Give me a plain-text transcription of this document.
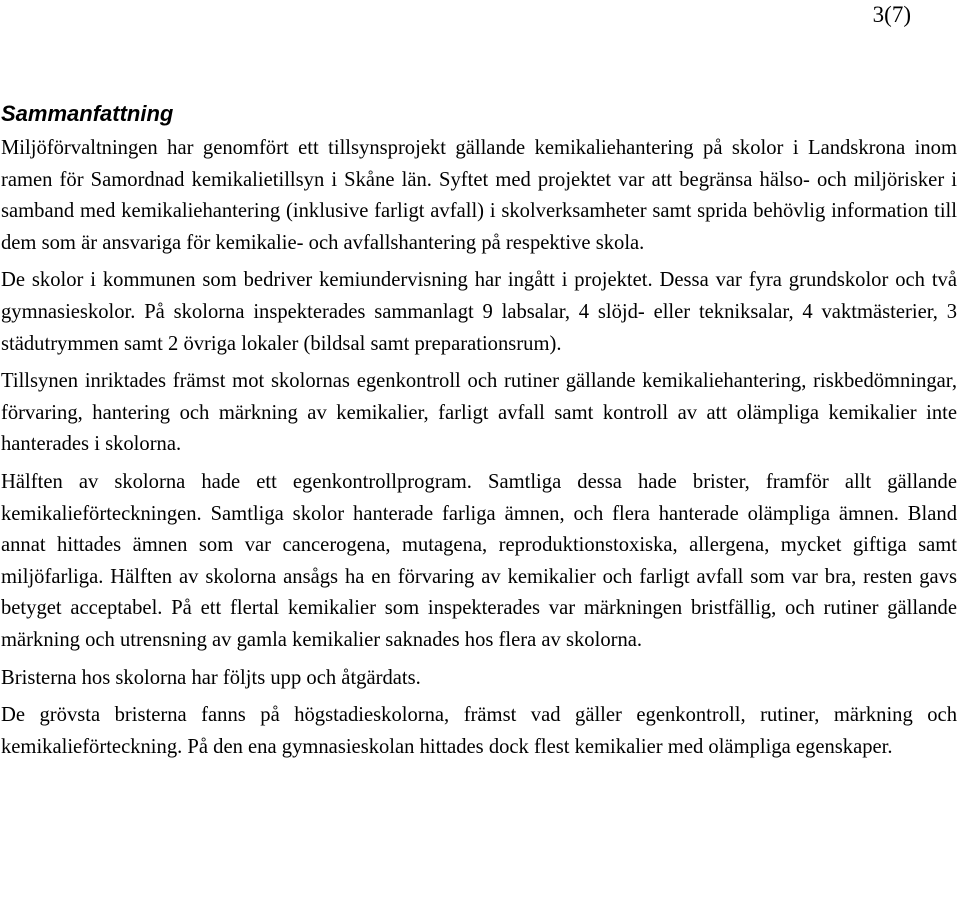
3(7)
Sammanfattning

Miljöförvaltningen har genomfört ett tillsynsprojekt gällande kemikaliehantering på skolor i Landskrona inom ramen för Samordnad kemikalietillsyn i Skåne län. Syftet med projektet var att begränsa hälso- och miljörisker i samband med kemikaliehantering (inklusive farligt avfall) i skolverksamheter samt sprida behövlig information till dem som är ansvariga för kemikalie- och avfallshantering på respektive skola.

De skolor i kommunen som bedriver kemiundervisning har ingått i projektet. Dessa var fyra grundskolor och två gymnasieskolor. På skolorna inspekterades sammanlagt 9 labsalar, 4 slöjd- eller tekniksalar, 4 vaktmästerier, 3 städutrymmen samt 2 övriga lokaler (bildsal samt preparationsrum).

Tillsynen inriktades främst mot skolornas egenkontroll och rutiner gällande kemikaliehantering, riskbedömningar, förvaring, hantering och märkning av kemikalier, farligt avfall samt kontroll av att olämpliga kemikalier inte hanterades i skolorna.

Hälften av skolorna hade ett egenkontrollprogram. Samtliga dessa hade brister, framför allt gällande kemikalieförteckningen. Samtliga skolor hanterade farliga ämnen, och flera hanterade olämpliga ämnen. Bland annat hittades ämnen som var cancerogena, mutagena, reproduktionstoxiska, allergena, mycket giftiga samt miljöfarliga. Hälften av skolorna ansågs ha en förvaring av kemikalier och farligt avfall som var bra, resten gavs betyget acceptabel. På ett flertal kemikalier som inspekterades var märkningen bristfällig, och rutiner gällande märkning och utrensning av gamla kemikalier saknades hos flera av skolorna.

Bristerna hos skolorna har följts upp och åtgärdats.

De grövsta bristerna fanns på högstadieskolorna, främst vad gäller egenkontroll, rutiner, märkning och kemikalieförteckning. På den ena gymnasieskolan hittades dock flest kemikalier med olämpliga egenskaper.
